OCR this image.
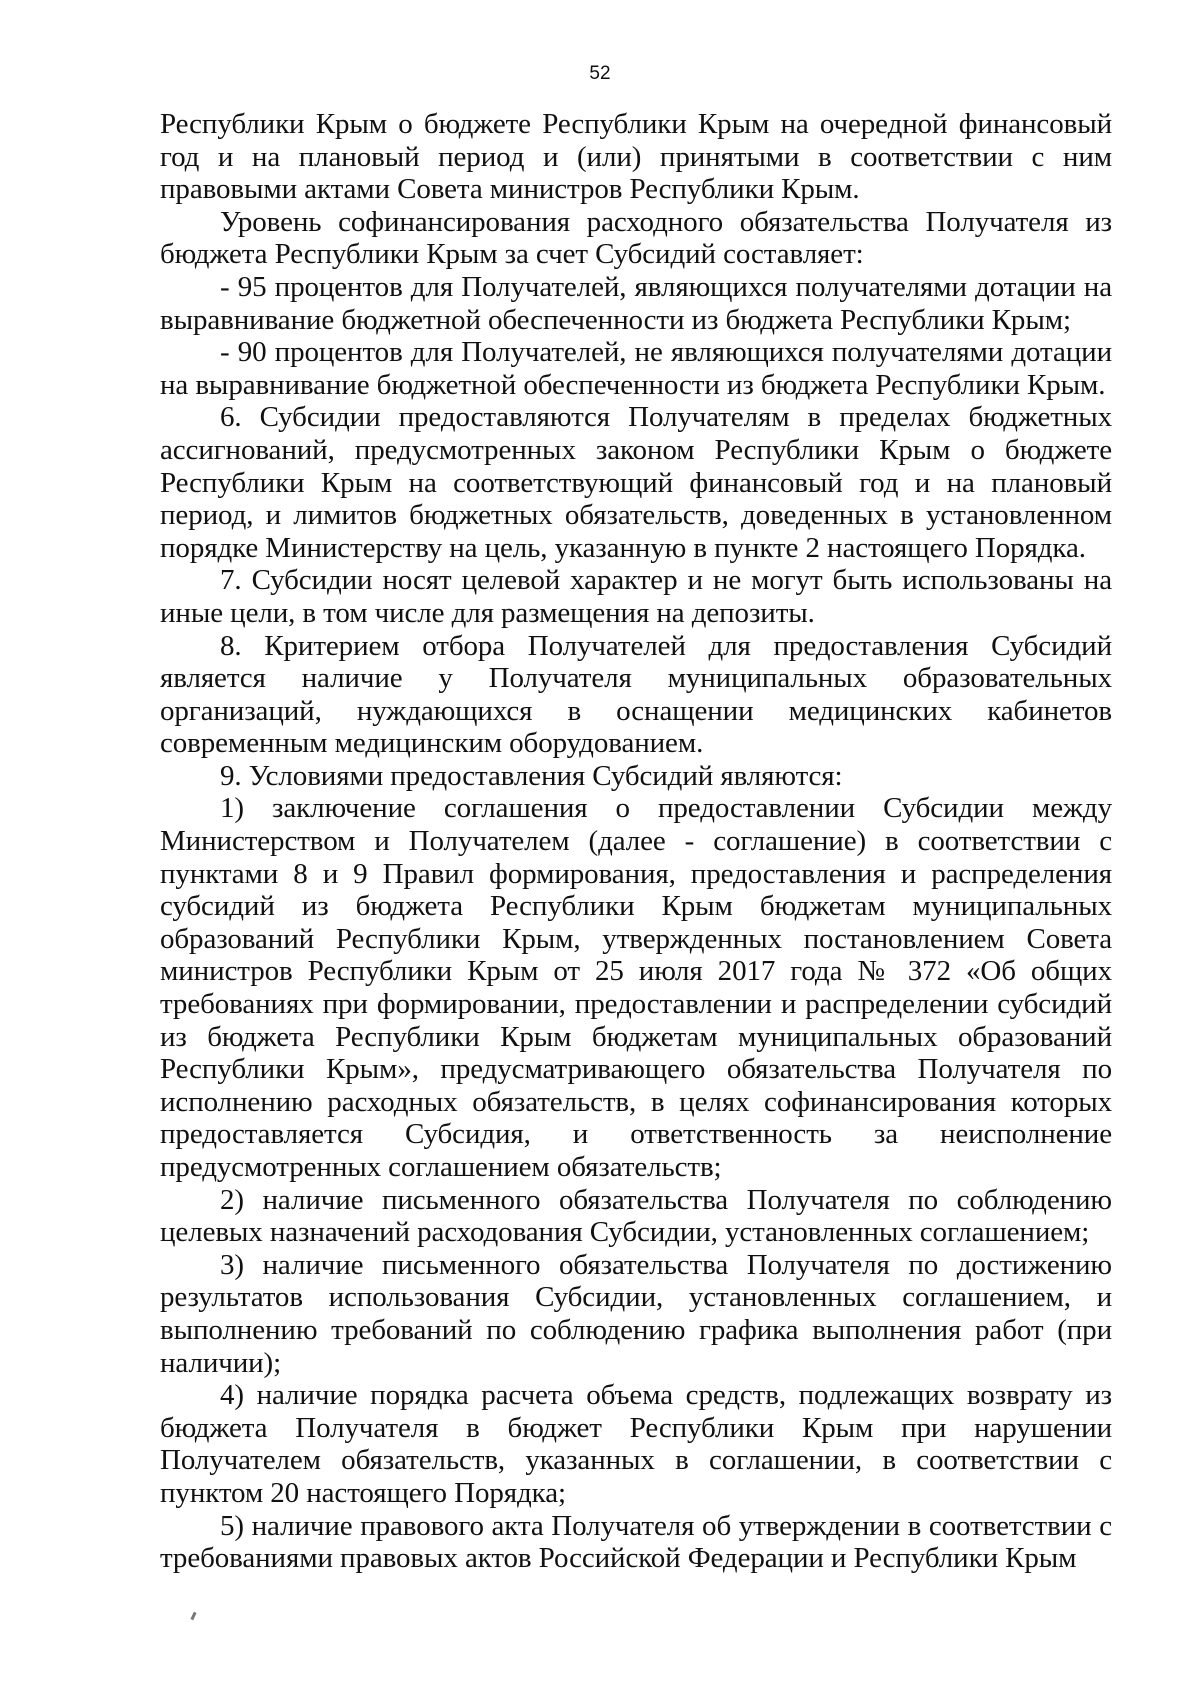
52

Республики Крым о бюджете Республики Крым на очередной финансовый год и на плановый период и (или) принятыми в соответствии с ним правовыми актами Совета министров Республики Крым.

Уровень софинансирования расходного обязательства Получателя из бюджета Республики Крым за счет Субсидий составляет:

- 95 процентов для Получателей, являющихся получателями дотации на выравнивание бюджетной обеспеченности из бюджета Республики Крым;

- 90 процентов для Получателей, не являющихся получателями дотации на выравнивание бюджетной обеспеченности из бюджета Республики Крым.

6. Субсидии предоставляются Получателям в пределах бюджетных ассигнований, предусмотренных законом Республики Крым о бюджете Республики Крым на соответствующий финансовый год и на плановый период, и лимитов бюджетных обязательств, доведенных в установленном порядке Министерству на цель, указанную в пункте 2 настоящего Порядка.

7. Субсидии носят целевой характер и не могут быть использованы на иные цели, в том числе для размещения на депозиты.

8. Критерием отбора Получателей для предоставления Субсидий является наличие у Получателя муниципальных образовательных организаций, нуждающихся в оснащении медицинских кабинетов современным медицинским оборудованием.

9. Условиями предоставления Субсидий являются:

1) заключение соглашения о предоставлении Субсидии между Министерством и Получателем (далее - соглашение) в соответствии с пунктами 8 и 9 Правил формирования, предоставления и распределения субсидий из бюджета Республики Крым бюджетам муниципальных образований Республики Крым, утвержденных постановлением Совета министров Республики Крым от 25 июля 2017 года № 372 «Об общих требованиях при формировании, предоставлении и распределении субсидий из бюджета Республики Крым бюджетам муниципальных образований Республики Крым», предусматривающего обязательства Получателя по исполнению расходных обязательств, в целях софинансирования которых предоставляется Субсидия, и ответственность за неисполнение предусмотренных соглашением обязательств;

2) наличие письменного обязательства Получателя по соблюдению целевых назначений расходования Субсидии, установленных соглашением;

3) наличие письменного обязательства Получателя по достижению результатов использования Субсидии, установленных соглашением, и выполнению требований по соблюдению графика выполнения работ (при наличии);

4) наличие порядка расчета объема средств, подлежащих возврату из бюджета Получателя в бюджет Республики Крым при нарушении Получателем обязательств, указанных в соглашении, в соответствии с пунктом 20 настоящего Порядка;

5) наличие правового акта Получателя об утверждении в соответствии с требованиями правовых актов Российской Федерации и Республики Крым
